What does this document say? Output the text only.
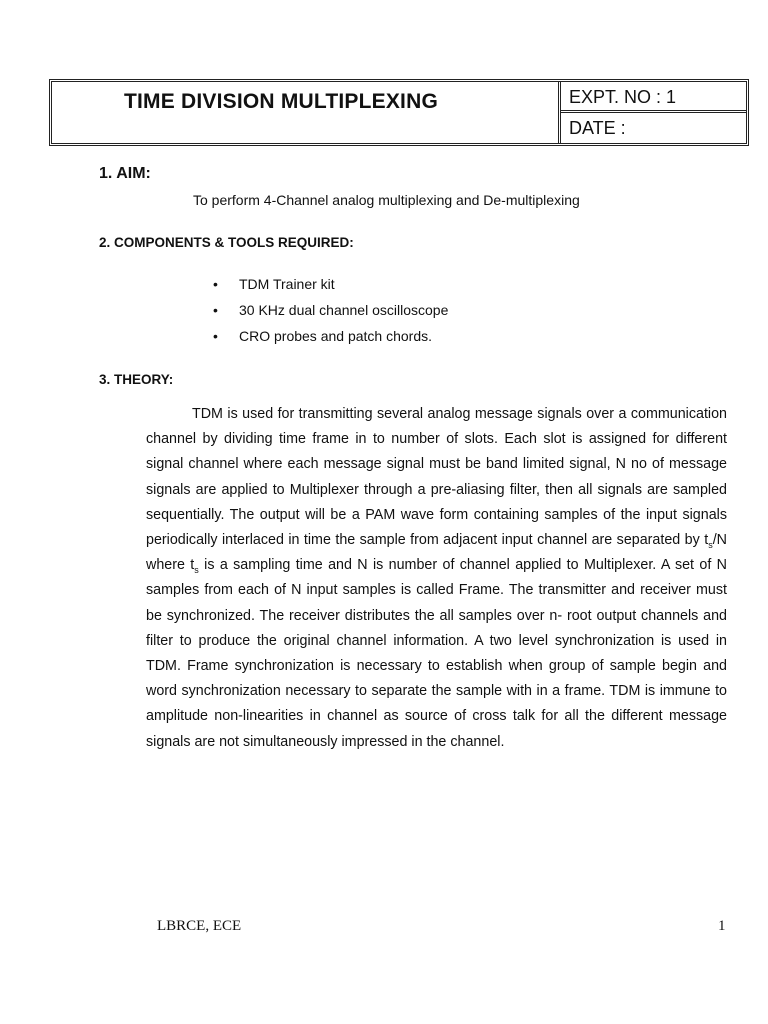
TIME DIVISION MULTIPLEXING	EXPT. NO : 1
DATE :
1. AIM:
To perform 4-Channel analog multiplexing and De-multiplexing
2. COMPONENTS & TOOLS REQUIRED:
• TDM Trainer kit
• 30 KHz dual channel oscilloscope
• CRO probes and patch chords.
3. THEORY:

TDM is used for transmitting several analog message signals over a communication channel by dividing time frame in to number of slots. Each slot is assigned for different signal channel where each message signal must be band limited signal, N no of message signals are applied to Multiplexer through a pre-aliasing filter, then all signals are sampled sequentially. The output will be a PAM wave form containing samples of the input signals periodically interlaced in time the sample from adjacent input channel are separated by $t_s/N$ where $t_s$ is a sampling time and N is number of channel applied to Multiplexer. A set of N samples from each of N input samples is called Frame. The transmitter and receiver must be synchronized. The receiver distributes the all samples over n- root output channels and filter to produce the original channel information. A two level synchronization is used in TDM. Frame synchronization is necessary to establish when group of sample begin and word synchronization necessary to separate the sample with in a frame. TDM is immune to amplitude non-linearities in channel as source of cross talk for all the different message signals are not simultaneously impressed in the channel.

LBRCE, ECE	1
